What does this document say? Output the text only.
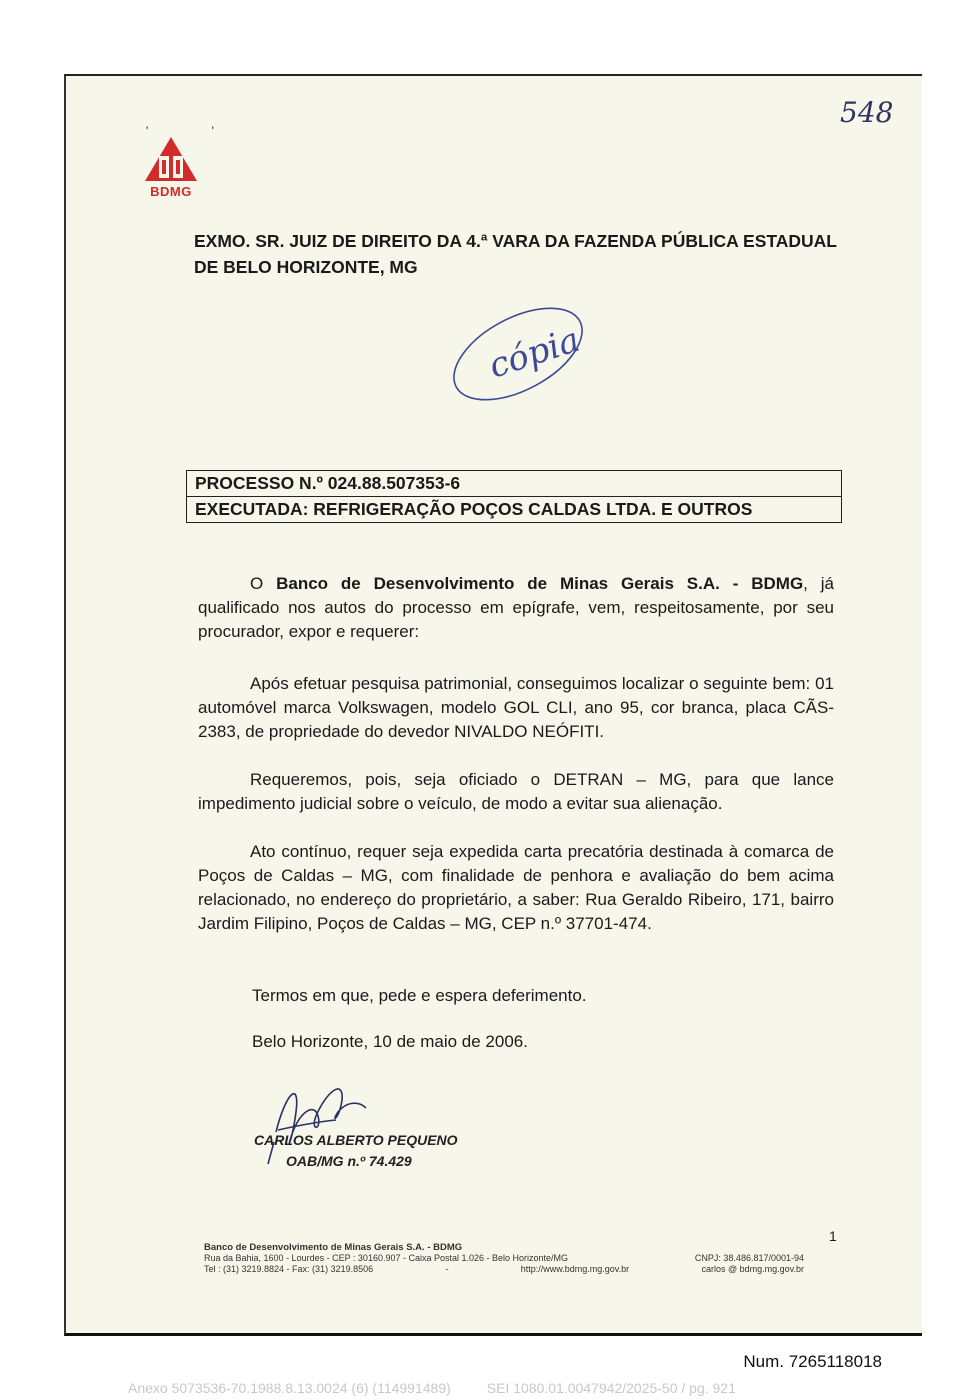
' '
BDMG
548
EXMO. SR. JUIZ DE DIREITO DA 4.ª VARA DA FAZENDA PÚBLICA ESTADUAL
DE BELO HORIZONTE, MG
cópia
PROCESSO N.º 024.88.507353-6
EXECUTADA: REFRIGERAÇÃO POÇOS CALDAS LTDA. E OUTROS
O Banco de Desenvolvimento de Minas Gerais S.A. - BDMG, já qualificado nos autos do processo em epígrafe, vem, respeitosamente, por seu procurador, expor e requerer:
Após efetuar pesquisa patrimonial, conseguimos localizar o seguinte bem: 01 automóvel marca Volkswagen, modelo GOL CLI, ano 95, cor branca, placa CÃS-2383, de propriedade do devedor NIVALDO NEÓFITI.
Requeremos, pois, seja oficiado o DETRAN – MG, para que lance impedimento judicial sobre o veículo, de modo a evitar sua alienação.
Ato contínuo, requer seja expedida carta precatória destinada à comarca de Poços de Caldas – MG, com finalidade de penhora e avaliação do bem acima relacionado, no endereço do proprietário, a saber: Rua Geraldo Ribeiro, 171, bairro Jardim Filipino, Poços de Caldas – MG, CEP n.º 37701-474.
Termos em que, pede e espera deferimento.
Belo Horizonte, 10 de maio de 2006.
CARLOS ALBERTO PEQUENO
OAB/MG n.º 74.429
1
Banco de Desenvolvimento de Minas Gerais S.A. - BDMG
Rua da Bahia, 1600 - Lourdes - CEP : 30160.907 - Caixa Postal 1.026 - Belo Horizonte/MG	CNPJ: 38.486.817/0001-94
Tel : (31) 3219.8824 - Fax: (31) 3219.8506	-	http://www.bdmg.mg.gov.br	carlos @ bdmg.mg.gov.br
Num. 7265118018
Anexo 5073536-70.1988.8.13.0024 (6) (114991489)	SEI 1080.01.0047942/2025-50 / pg. 921
